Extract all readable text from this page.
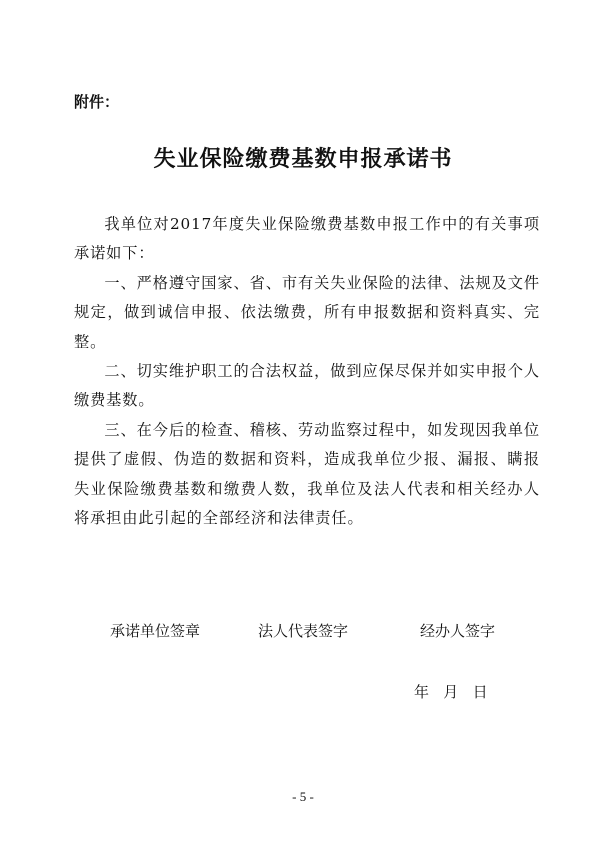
附件：
失业保险缴费基数申报承诺书

我单位对2017年度失业保险缴费基数申报工作中的有关事项承诺如下：

一、严格遵守国家、省、市有关失业保险的法律、法规及文件规定，做到诚信申报、依法缴费，所有申报数据和资料真实、完整。

二、切实维护职工的合法权益，做到应保尽保并如实申报个人缴费基数。

三、在今后的检查、稽核、劳动监察过程中，如发现因我单位提供了虚假、伪造的数据和资料，造成我单位少报、漏报、瞒报失业保险缴费基数和缴费人数，我单位及法人代表和相关经办人将承担由此引起的全部经济和法律责任。

承诺单位签章	法人代表签字	经办人签字
年   月   日
- 5 -
